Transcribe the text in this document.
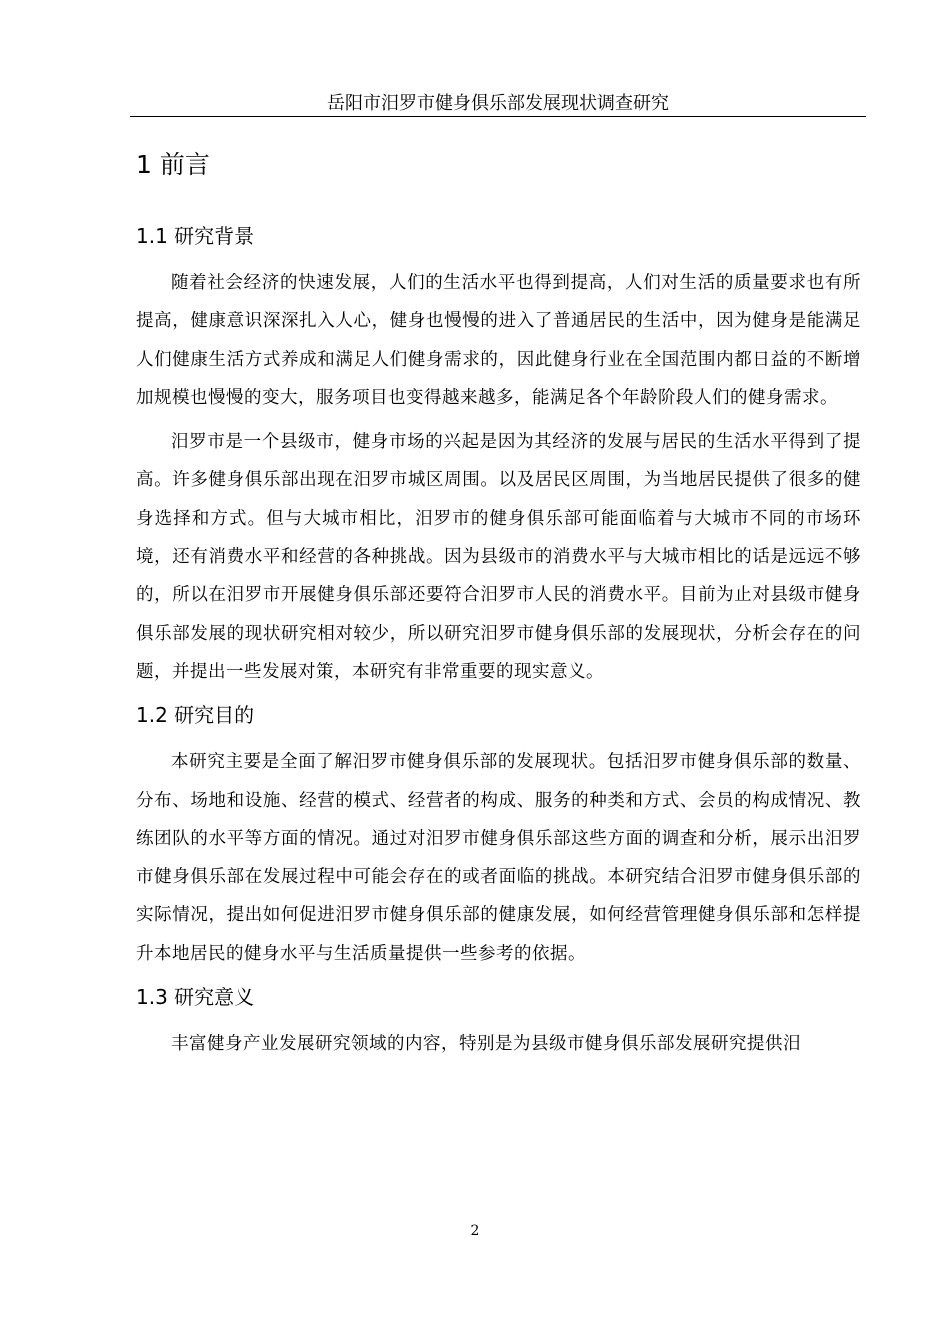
岳阳市汨罗市健身俱乐部发展现状调查研究
1 前言
1.1 研究背景

随着社会经济的快速发展，人们的生活水平也得到提高，人们对生活的质量要求也有所提高，健康意识深深扎入人心，健身也慢慢的进入了普通居民的生活中，因为健身是能满足人们健康生活方式养成和满足人们健身需求的，因此健身行业在全国范围内都日益的不断增加规模也慢慢的变大，服务项目也变得越来越多，能满足各个年龄阶段人们的健身需求。

汨罗市是一个县级市，健身市场的兴起是因为其经济的发展与居民的生活水平得到了提高。许多健身俱乐部出现在汨罗市城区周围。以及居民区周围，为当地居民提供了很多的健身选择和方式。但与大城市相比，汨罗市的健身俱乐部可能面临着与大城市不同的市场环境，还有消费水平和经营的各种挑战。因为县级市的消费水平与大城市相比的话是远远不够的，所以在汨罗市开展健身俱乐部还要符合汨罗市人民的消费水平。目前为止对县级市健身俱乐部发展的现状研究相对较少，所以研究汨罗市健身俱乐部的发展现状，分析会存在的问题，并提出一些发展对策，本研究有非常重要的现实意义。

1.2 研究目的

本研究主要是全面了解汨罗市健身俱乐部的发展现状。包括汨罗市健身俱乐部的数量、分布、场地和设施、经营的模式、经营者的构成、服务的种类和方式、会员的构成情况、教练团队的水平等方面的情况。通过对汨罗市健身俱乐部这些方面的调查和分析，展示出汨罗市健身俱乐部在发展过程中可能会存在的或者面临的挑战。本研究结合汨罗市健身俱乐部的实际情况，提出如何促进汨罗市健身俱乐部的健康发展，如何经营管理健身俱乐部和怎样提升本地居民的健身水平与生活质量提供一些参考的依据。

1.3 研究意义

丰富健身产业发展研究领域的内容，特别是为县级市健身俱乐部发展研究提供汨

2
